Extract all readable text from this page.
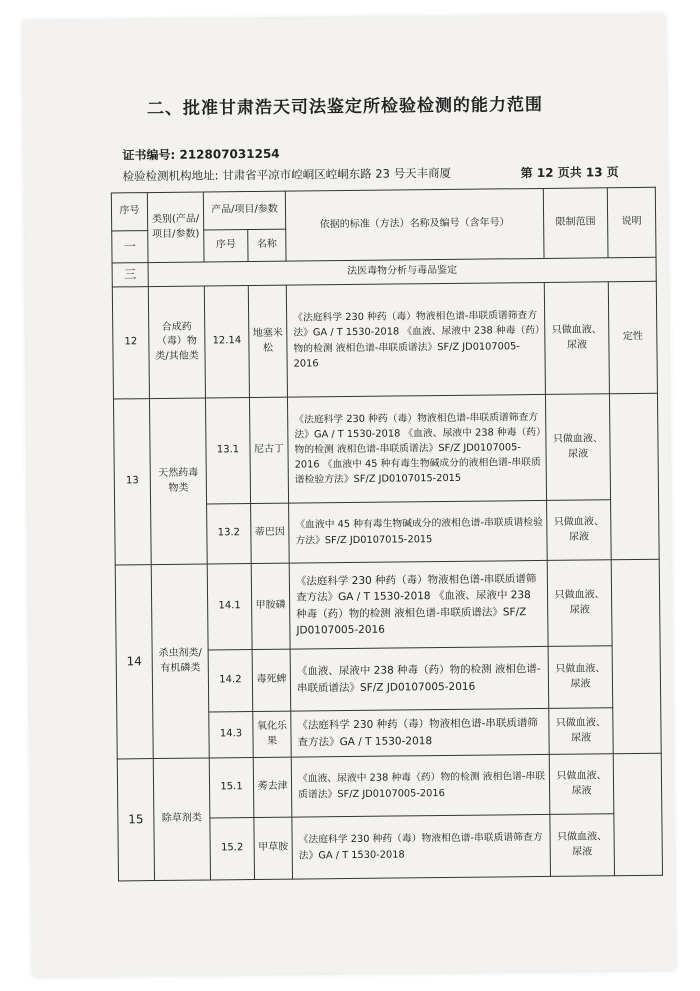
二、批准甘肃浩天司法鉴定所检验检测的能力范围
证书编号: 212807031254
检验检测机构地址: 甘肃省平凉市崆峒区崆峒东路 23 号天丰商厦	第 12 页共 13 页
序号	类别(产品/项目/参数)	产品/项目/参数		依据的标准（方法）名称及编号（含年号）	限制范围	说明
一		序号	名称			
三	法医毒物分析与毒品鉴定					
12	合成药（毒）物类/其他类	12.14	地塞米松	《法庭科学 230 种药（毒）物液相色谱-串联质谱筛查方法》GA / T 1530-2018 《血液、尿液中 238 种毒（药）物的检测 液相色谱-串联质谱法》SF/Z JD0107005-2016	只做血液、尿液	定性
13	天然药毒物类	13.1	尼古丁	《法庭科学 230 种药（毒）物液相色谱-串联质谱筛查方法》GA / T 1530-2018 《血液、尿液中 238 种毒（药）物的检测 液相色谱-串联质谱法》SF/Z JD0107005-2016 《血液中 45 种有毒生物碱成分的液相色谱-串联质谱检验方法》SF/Z JD0107015-2015	只做血液、尿液	
		13.2	蒂巴因	《血液中 45 种有毒生物碱成分的液相色谱-串联质谱检验方法》SF/Z JD0107015-2015	只做血液、尿液	
14	杀虫剂类/有机磷类	14.1	甲胺磷	《法庭科学 230 种药（毒）物液相色谱-串联质谱筛查方法》GA / T 1530-2018 《血液、尿液中 238 种毒（药）物的检测 液相色谱-串联质谱法》SF/Z JD0107005-2016	只做血液、尿液	
		14.2	毒死蜱	《血液、尿液中 238 种毒（药）物的检测 液相色谱-串联质谱法》SF/Z JD0107005-2016	只做血液、尿液	
		14.3	氧化乐果	《法庭科学 230 种药（毒）物液相色谱-串联质谱筛查方法》GA / T 1530-2018	只做血液、尿液	
15	除草剂类	15.1	莠去津	《血液、尿液中 238 种毒（药）物的检测 液相色谱-串联质谱法》SF/Z JD0107005-2016	只做血液、尿液	
		15.2	甲草胺	《法庭科学 230 种药（毒）物液相色谱-串联质谱筛查方法》GA / T 1530-2018	只做血液、尿液	
